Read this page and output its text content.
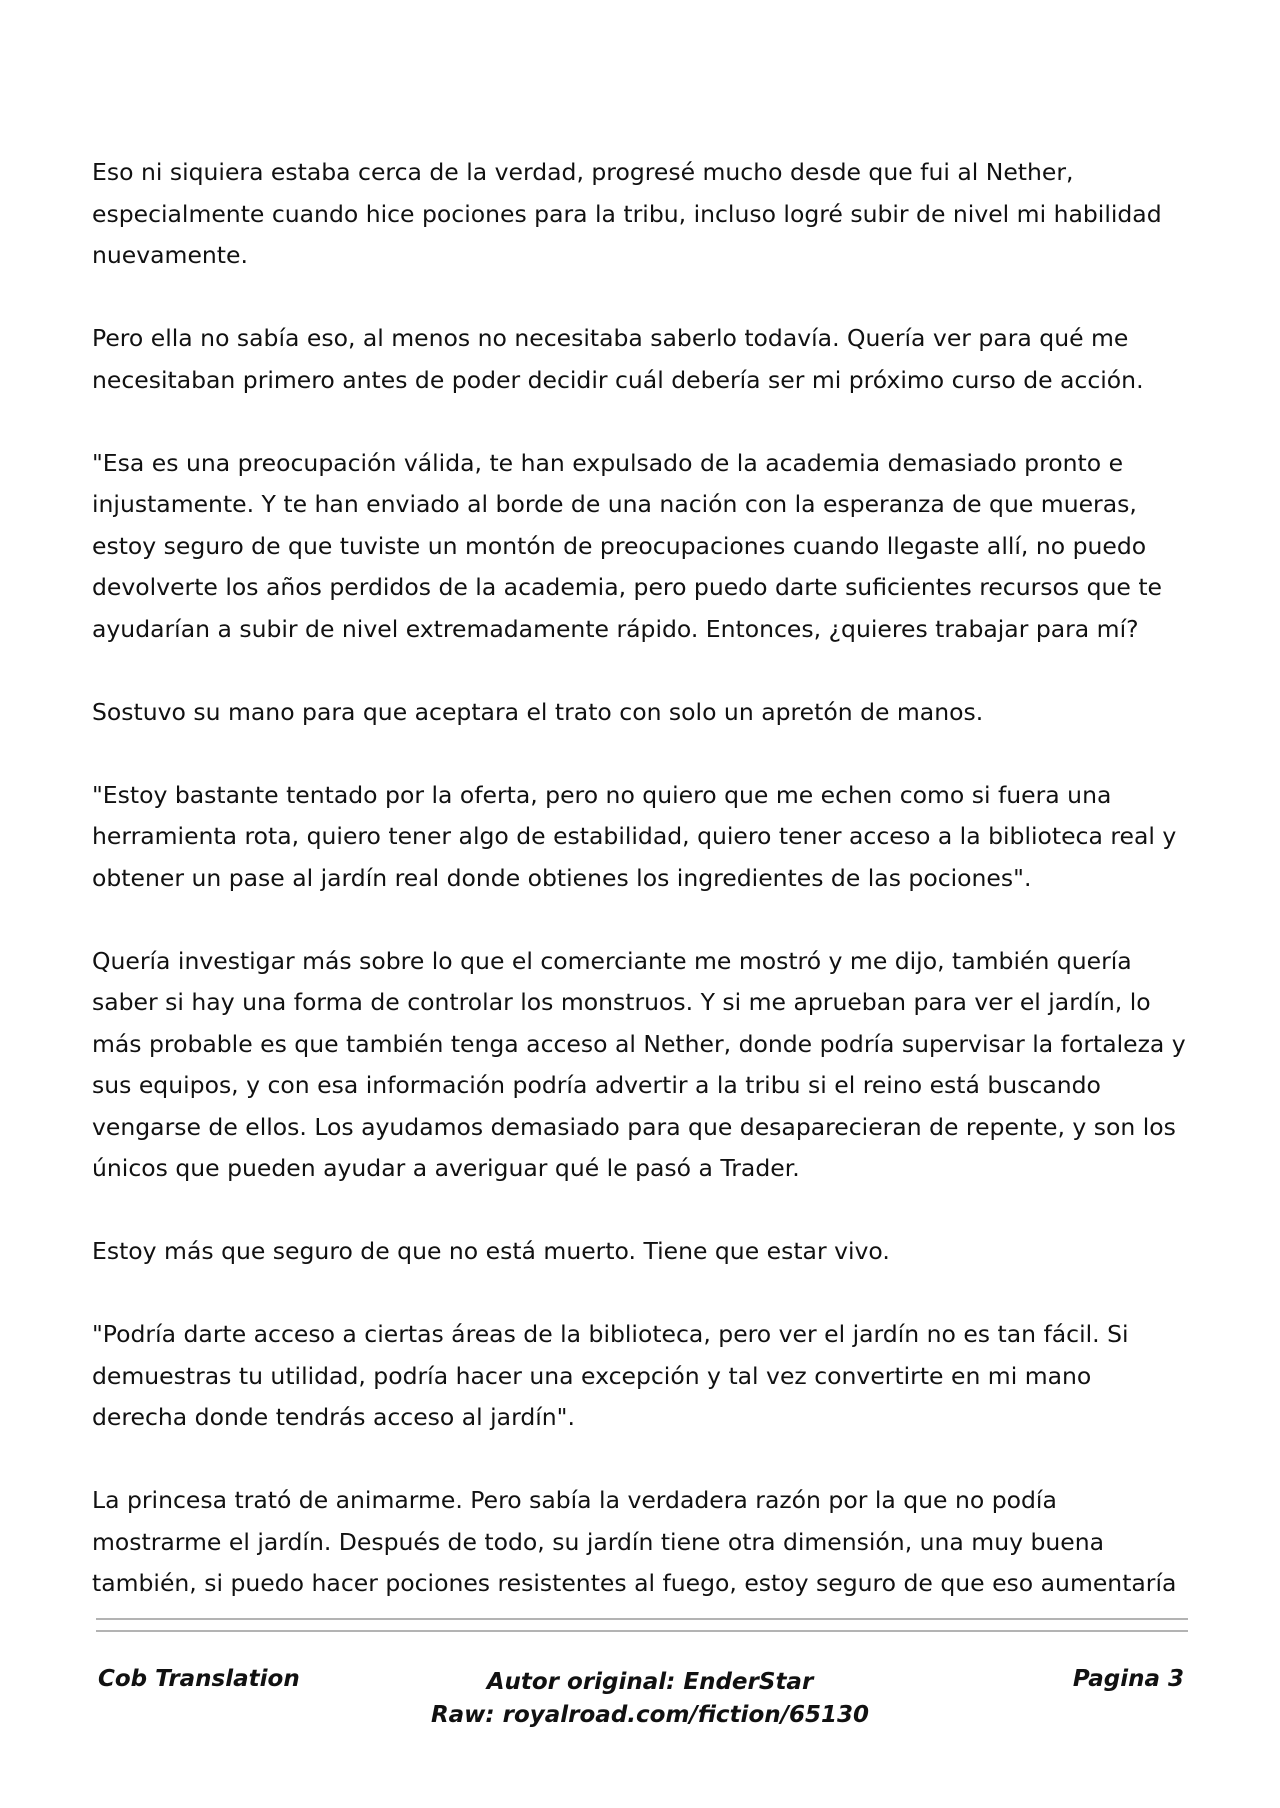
Eso ni siquiera estaba cerca de la verdad, progresé mucho desde que fui al Nether, especialmente cuando hice pociones para la tribu, incluso logré subir de nivel mi habilidad nuevamente.

Pero ella no sabía eso, al menos no necesitaba saberlo todavía. Quería ver para qué me necesitaban primero antes de poder decidir cuál debería ser mi próximo curso de acción.

"Esa es una preocupación válida, te han expulsado de la academia demasiado pronto e injustamente. Y te han enviado al borde de una nación con la esperanza de que mueras, estoy seguro de que tuviste un montón de preocupaciones cuando llegaste allí, no puedo devolverte los años perdidos de la academia, pero puedo darte suficientes recursos que te ayudarían a subir de nivel extremadamente rápido. Entonces, ¿quieres trabajar para mí?

Sostuvo su mano para que aceptara el trato con solo un apretón de manos.

"Estoy bastante tentado por la oferta, pero no quiero que me echen como si fuera una herramienta rota, quiero tener algo de estabilidad, quiero tener acceso a la biblioteca real y obtener un pase al jardín real donde obtienes los ingredientes de las pociones".

Quería investigar más sobre lo que el comerciante me mostró y me dijo, también quería saber si hay una forma de controlar los monstruos. Y si me aprueban para ver el jardín, lo más probable es que también tenga acceso al Nether, donde podría supervisar la fortaleza y sus equipos, y con esa información podría advertir a la tribu si el reino está buscando vengarse de ellos. Los ayudamos demasiado para que desaparecieran de repente, y son los únicos que pueden ayudar a averiguar qué le pasó a Trader.

Estoy más que seguro de que no está muerto. Tiene que estar vivo.

"Podría darte acceso a ciertas áreas de la biblioteca, pero ver el jardín no es tan fácil. Si demuestras tu utilidad, podría hacer una excepción y tal vez convertirte en mi mano derecha donde tendrás acceso al jardín".

La princesa trató de animarme. Pero sabía la verdadera razón por la que no podía mostrarme el jardín. Después de todo, su jardín tiene otra dimensión, una muy buena también, si puedo hacer pociones resistentes al fuego, estoy seguro de que eso aumentaría

Cob Translation	Autor original: EnderStar
Raw: royalroad.com/fiction/65130
Pagina 3
